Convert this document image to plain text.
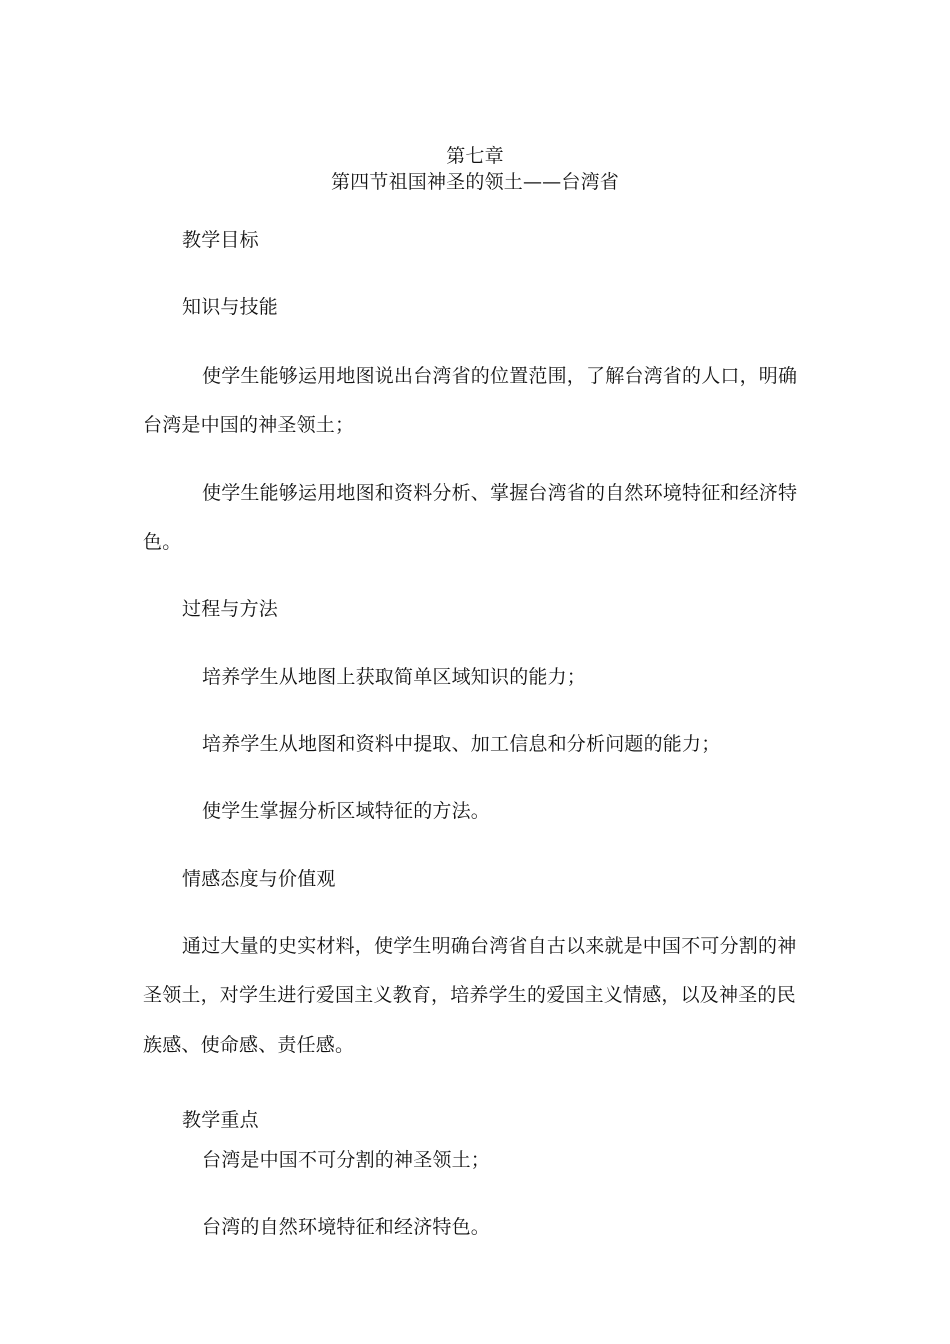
第七章
第四节祖国神圣的领土——台湾省
教学目标
知识与技能
使学生能够运用地图说出台湾省的位置范围，了解台湾省的人口，明确
台湾是中国的神圣领土；
使学生能够运用地图和资料分析、掌握台湾省的自然环境特征和经济特
色。
过程与方法
培养学生从地图上获取简单区域知识的能力；
培养学生从地图和资料中提取、加工信息和分析问题的能力；
使学生掌握分析区域特征的方法。
情感态度与价值观
通过大量的史实材料，使学生明确台湾省自古以来就是中国不可分割的神
圣领土，对学生进行爱国主义教育，培养学生的爱国主义情感，以及神圣的民
族感、使命感、责任感。
教学重点
台湾是中国不可分割的神圣领土；
台湾的自然环境特征和经济特色。
